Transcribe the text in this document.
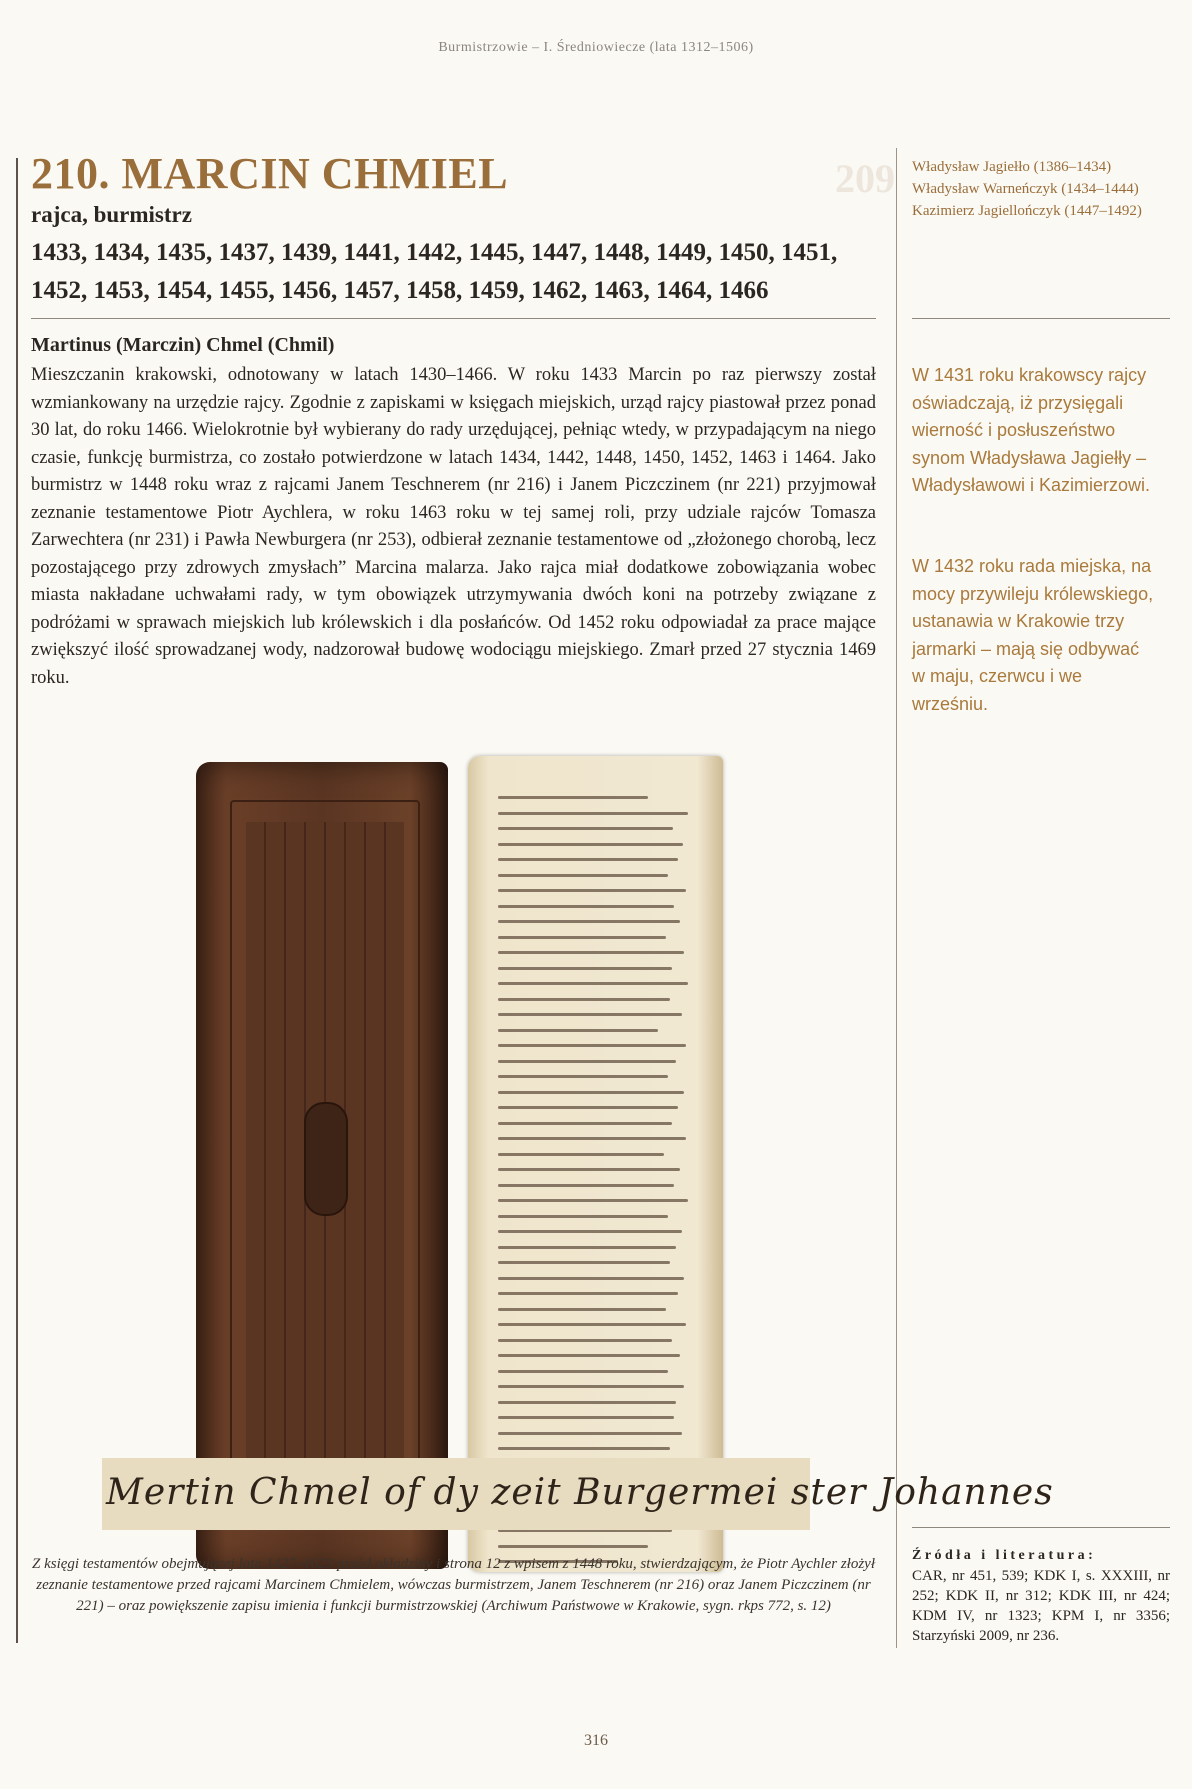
Burmistrzowie – I. Średniowiecze (lata 1312–1506)
209
210. MARCIN CHMIEL
rajca, burmistrz
1433, 1434, 1435, 1437, 1439, 1441, 1442, 1445, 1447, 1448, 1449, 1450, 1451, 1452, 1453, 1454, 1455, 1456, 1457, 1458, 1459, 1462, 1463, 1464, 1466
Martinus (Marczin) Chmel (Chmil)

Mieszczanin krakowski, odnotowany w latach 1430–1466. W roku 1433 Marcin po raz pierwszy został wzmiankowany na urzędzie rajcy. Zgodnie z zapiskami w księgach miejskich, urząd rajcy piastował przez ponad 30 lat, do roku 1466. Wielokrotnie był wybierany do rady urzędującej, pełniąc wtedy, w przypadającym na niego czasie, funkcję burmistrza, co zostało potwierdzone w latach 1434, 1442, 1448, 1450, 1452, 1463 i 1464. Jako burmistrz w 1448 roku wraz z rajcami Janem Teschnerem (nr 216) i Janem Piczczinem (nr 221) przyjmował zeznanie testamentowe Piotr Aychlera, w roku 1463 roku w tej samej roli, przy udziale rajców Tomasza Zarwechtera (nr 231) i Pawła Newburgera (nr 253), odbierał zeznanie testamentowe od „złożonego chorobą, lecz pozostającego przy zdrowych zmysłach” Marcina malarza. Jako rajca miał dodatkowe zobowiązania wobec miasta nakładane uchwałami rady, w tym obowiązek utrzymywania dwóch koni na potrzeby związane z podróżami w sprawach miejskich lub królewskich i dla posłańców. Od 1452 roku odpowiadał za prace mające zwiększyć ilość sprowadzanej wody, nadzorował budowę wodociągu miejskiego. Zmarł przed 27 stycznia 1469 roku.

Władysław Jagiełło (1386–1434)
Władysław Warneńczyk (1434–1444)
Kazimierz Jagiellończyk (1447–1492)

W 1431 roku krakowscy rajcy oświadczają, iż przysięgali wierność i posłuszeństwo synom Władysława Jagiełły – Władysławowi i Kazimierzowi.

W 1432 roku rada miejska, na mocy przywileju królewskiego, ustanawia w Krakowie trzy jarmarki – mają się odbywać w maju, czerwcu i we wrześniu.

Mertin Chmel of dy zeit Burgermei ster Johannes
Z księgi testamentów obejmującej lata 1427–1623 przód okładziny i strona 12 z wpisem z 1448 roku, stwierdzającym, że Piotr Aychler złożył zeznanie testamentowe przed rajcami Marcinem Chmielem, wówczas burmistrzem, Janem Teschnerem (nr 216) oraz Janem Piczczinem (nr 221) – oraz powiększenie zapisu imienia i funkcji burmistrzowskiej (Archiwum Państwowe w Krakowie, sygn. rkps 772, s. 12)
Źródła i literatura:
CAR, nr 451, 539; KDK I, s. XXXIII, nr 252; KDK II, nr 312; KDK III, nr 424; KDM IV, nr 1323; KPM I, nr 3356; Starzyński 2009, nr 236.
316
